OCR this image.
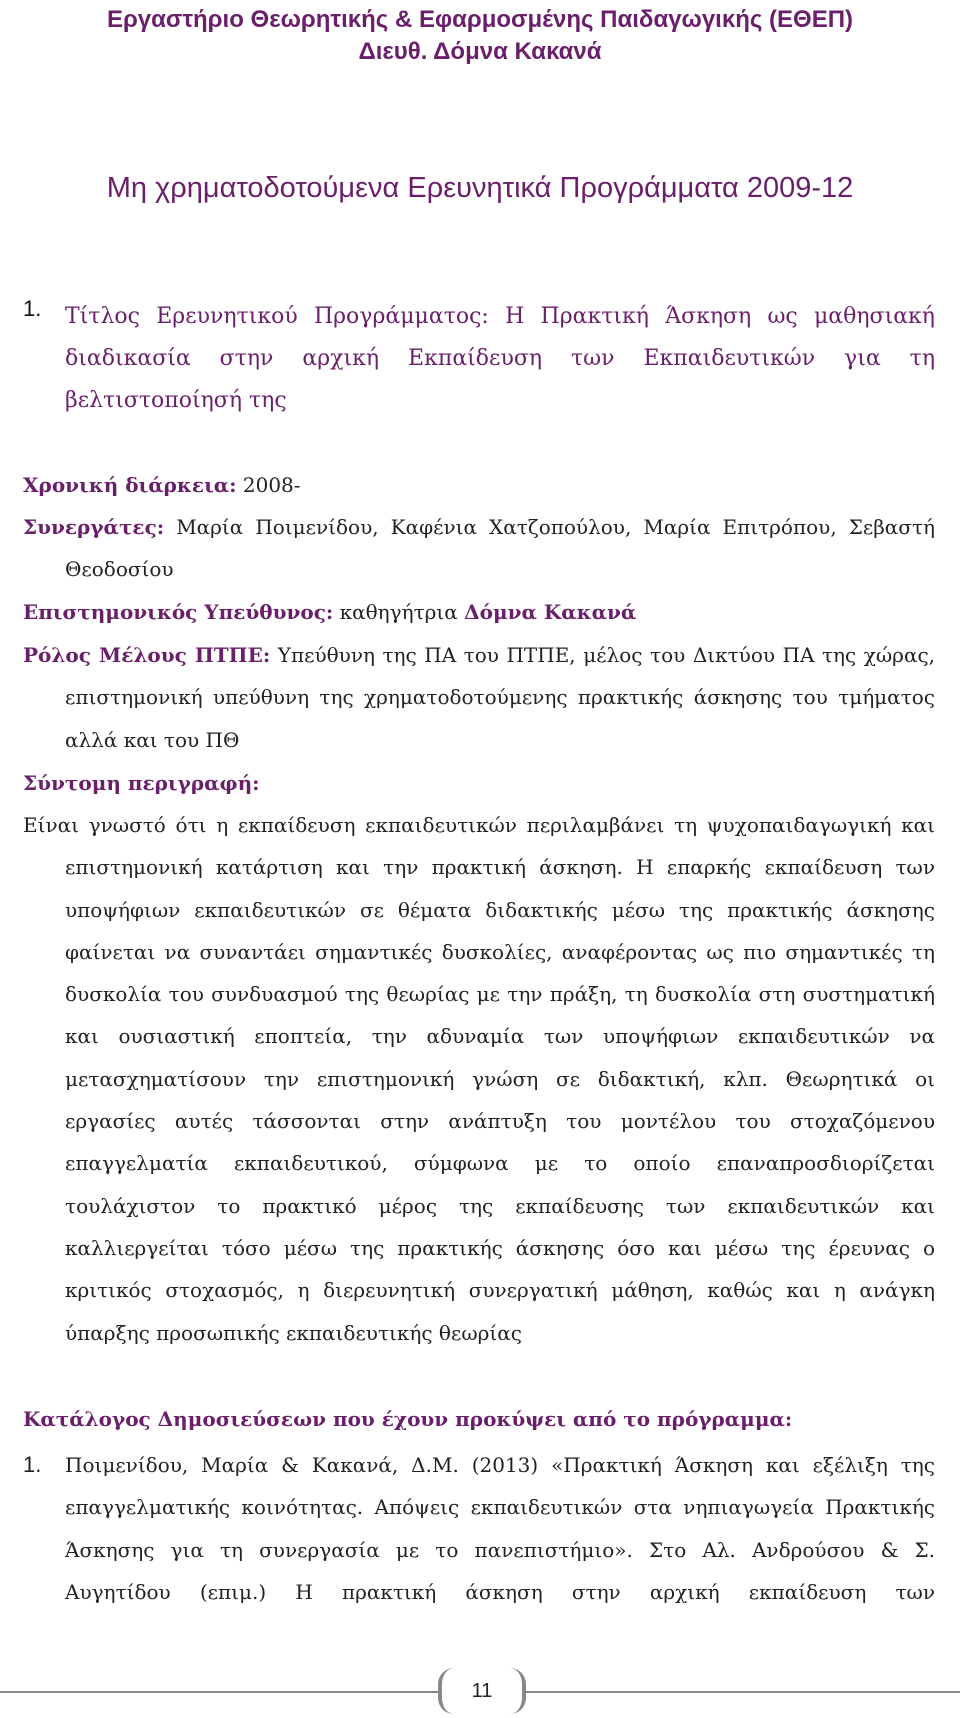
Εργαστήριο Θεωρητικής & Εφαρμοσμένης Παιδαγωγικής (ΕΘΕΠ)
Διευθ. Δόμνα Κακανά
Μη χρηματοδοτούμενα Ερευνητικά Προγράμματα 2009-12
1. Τίτλος Ερευνητικού Προγράμματος: Η Πρακτική Άσκηση ως μαθησιακή διαδικασία στην αρχική Εκπαίδευση των Εκπαιδευτικών για τη βελτιστοποίησή της
Χρονική διάρκεια: 2008-
Συνεργάτες: Μαρία Ποιμενίδου, Καφένια Χατζοπούλου, Μαρία Επιτρόπου, Σεβαστή Θεοδοσίου
Επιστημονικός Υπεύθυνος: καθηγήτρια Δόμνα Κακανά
Ρόλος Μέλους ΠΤΠΕ: Υπεύθυνη της ΠΑ του ΠΤΠΕ, μέλος του Δικτύου ΠΑ της χώρας, επιστημονική υπεύθυνη της χρηματοδοτούμενης πρακτικής άσκησης του τμήματος αλλά και του ΠΘ
Σύντομη περιγραφή:
Είναι γνωστό ότι η εκπαίδευση εκπαιδευτικών περιλαμβάνει τη ψυχοπαιδαγωγική και επιστημονική κατάρτιση και την πρακτική άσκηση. Η επαρκής εκπαίδευση των υποψήφιων εκπαιδευτικών σε θέματα διδακτικής μέσω της πρακτικής άσκησης φαίνεται να συναντάει σημαντικές δυσκολίες, αναφέροντας ως πιο σημαντικές τη δυσκολία του συνδυασμού της θεωρίας με την πράξη, τη δυσκολία στη συστηματική και ουσιαστική εποπτεία, την αδυναμία των υποψήφιων εκπαιδευτικών να μετασχηματίσουν την επιστημονική γνώση σε διδακτική, κλπ. Θεωρητικά οι εργασίες αυτές τάσσονται στην ανάπτυξη του μοντέλου του στοχαζόμενου επαγγελματία εκπαιδευτικού, σύμφωνα με το οποίο επαναπροσδιορίζεται τουλάχιστον το πρακτικό μέρος της εκπαίδευσης των εκπαιδευτικών και καλλιεργείται τόσο μέσω της πρακτικής άσκησης όσο και μέσω της έρευνας ο κριτικός στοχασμός, η διερευνητική συνεργατική μάθηση, καθώς και η ανάγκη ύπαρξης προσωπικής εκπαιδευτικής θεωρίας
Κατάλογος Δημοσιεύσεων που έχουν προκύψει από το πρόγραμμα:
1. Ποιμενίδου, Μαρία & Κακανά, Δ.Μ. (2013) «Πρακτική Άσκηση και εξέλιξη της επαγγελματικής κοινότητας. Απόψεις εκπαιδευτικών στα νηπιαγωγεία Πρακτικής Άσκησης για τη συνεργασία με το πανεπιστήμιο». Στο Αλ. Ανδρούσου & Σ. Αυγητίδου (επιμ.) Η πρακτική άσκηση στην αρχική εκπαίδευση των
11
